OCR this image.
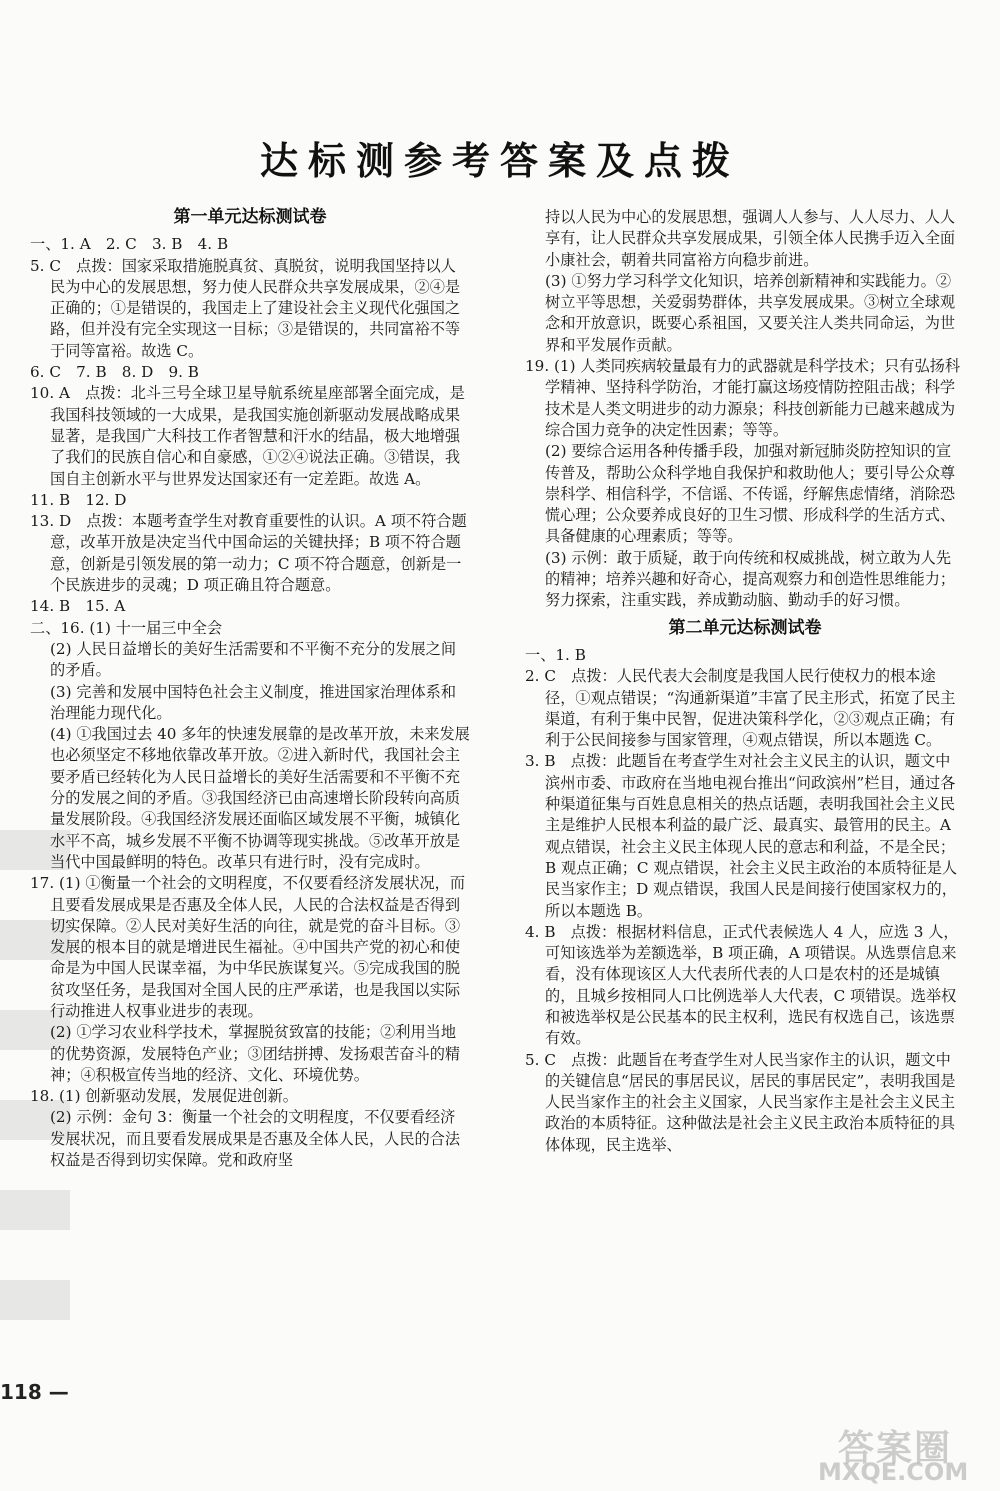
达标测参考答案及点拨
第一单元达标测试卷

一、1. A　2. C　3. B　4. B

5. C　点拨：国家采取措施脱真贫、真脱贫，说明我国坚持以人民为中心的发展思想，努力使人民群众共享发展成果，②④是正确的；①是错误的，我国走上了建设社会主义现代化强国之路，但并没有完全实现这一目标；③是错误的，共同富裕不等于同等富裕。故选 C。

6. C　7. B　8. D　9. B

10. A　点拨：北斗三号全球卫星导航系统星座部署全面完成，是我国科技领域的一大成果，是我国实施创新驱动发展战略成果显著，是我国广大科技工作者智慧和汗水的结晶，极大地增强了我们的民族自信心和自豪感，①②④说法正确。③错误，我国自主创新水平与世界发达国家还有一定差距。故选 A。

11. B　12. D

13. D　点拨：本题考查学生对教育重要性的认识。A 项不符合题意，改革开放是决定当代中国命运的关键抉择；B 项不符合题意，创新是引领发展的第一动力；C 项不符合题意，创新是一个民族进步的灵魂；D 项正确且符合题意。

14. B　15. A

二、16. (1) 十一届三中全会

(2) 人民日益增长的美好生活需要和不平衡不充分的发展之间的矛盾。

(3) 完善和发展中国特色社会主义制度，推进国家治理体系和治理能力现代化。

(4) ①我国过去 40 多年的快速发展靠的是改革开放，未来发展也必须坚定不移地依靠改革开放。②进入新时代，我国社会主要矛盾已经转化为人民日益增长的美好生活需要和不平衡不充分的发展之间的矛盾。③我国经济已由高速增长阶段转向高质量发展阶段。④我国经济发展还面临区域发展不平衡，城镇化水平不高，城乡发展不平衡不协调等现实挑战。⑤改革开放是当代中国最鲜明的特色。改革只有进行时，没有完成时。

17. (1) ①衡量一个社会的文明程度，不仅要看经济发展状况，而且要看发展成果是否惠及全体人民，人民的合法权益是否得到切实保障。②人民对美好生活的向往，就是党的奋斗目标。③发展的根本目的就是增进民生福祉。④中国共产党的初心和使命是为中国人民谋幸福，为中华民族谋复兴。⑤完成我国的脱贫攻坚任务，是我国对全国人民的庄严承诺，也是我国以实际行动推进人权事业进步的表现。

(2) ①学习农业科学技术，掌握脱贫致富的技能；②利用当地的优势资源，发展特色产业；③团结拼搏、发扬艰苦奋斗的精神；④积极宣传当地的经济、文化、环境优势。

18. (1) 创新驱动发展，发展促进创新。

(2) 示例：金句 3：衡量一个社会的文明程度，不仅要看经济发展状况，而且要看发展成果是否惠及全体人民，人民的合法权益是否得到切实保障。党和政府坚

持以人民为中心的发展思想，强调人人参与、人人尽力、人人享有，让人民群众共享发展成果，引领全体人民携手迈入全面小康社会，朝着共同富裕方向稳步前进。

(3) ①努力学习科学文化知识，培养创新精神和实践能力。②树立平等思想，关爱弱势群体，共享发展成果。③树立全球观念和开放意识，既要心系祖国，又要关注人类共同命运，为世界和平发展作贡献。

19. (1) 人类同疾病较量最有力的武器就是科学技术；只有弘扬科学精神、坚持科学防治，才能打赢这场疫情防控阻击战；科学技术是人类文明进步的动力源泉；科技创新能力已越来越成为综合国力竞争的决定性因素；等等。

(2) 要综合运用各种传播手段，加强对新冠肺炎防控知识的宣传普及，帮助公众科学地自我保护和救助他人；要引导公众尊崇科学、相信科学，不信谣、不传谣，纾解焦虑情绪，消除恐慌心理；公众要养成良好的卫生习惯、形成科学的生活方式、具备健康的心理素质；等等。

(3) 示例：敢于质疑，敢于向传统和权威挑战，树立敢为人先的精神；培养兴趣和好奇心，提高观察力和创造性思维能力；努力探索，注重实践，养成勤动脑、勤动手的好习惯。

第二单元达标测试卷

一、1. B

2. C　点拨：人民代表大会制度是我国人民行使权力的根本途径，①观点错误；“沟通新渠道”丰富了民主形式，拓宽了民主渠道，有利于集中民智，促进决策科学化，②③观点正确；有利于公民间接参与国家管理，④观点错误，所以本题选 C。

3. B　点拨：此题旨在考查学生对社会主义民主的认识，题文中滨州市委、市政府在当地电视台推出“问政滨州”栏目，通过各种渠道征集与百姓息息相关的热点话题，表明我国社会主义民主是维护人民根本利益的最广泛、最真实、最管用的民主。A 观点错误，社会主义民主体现人民的意志和利益，不是全民；B 观点正确；C 观点错误，社会主义民主政治的本质特征是人民当家作主；D 观点错误，我国人民是间接行使国家权力的，所以本题选 B。

4. B　点拨：根据材料信息，正式代表候选人 4 人，应选 3 人，可知该选举为差额选举，B 项正确，A 项错误。从选票信息来看，没有体现该区人大代表所代表的人口是农村的还是城镇的，且城乡按相同人口比例选举人大代表，C 项错误。选举权和被选举权是公民基本的民主权利，选民有权选自己，该选票有效。

5. C　点拨：此题旨在考查学生对人民当家作主的认识，题文中的关键信息“居民的事居民议，居民的事居民定”，表明我国是人民当家作主的社会主义国家，人民当家作主是社会主义民主政治的本质特征。这种做法是社会主义民主政治本质特征的具体体现，民主选举、

118 —
答案圈
MXQE.COM
